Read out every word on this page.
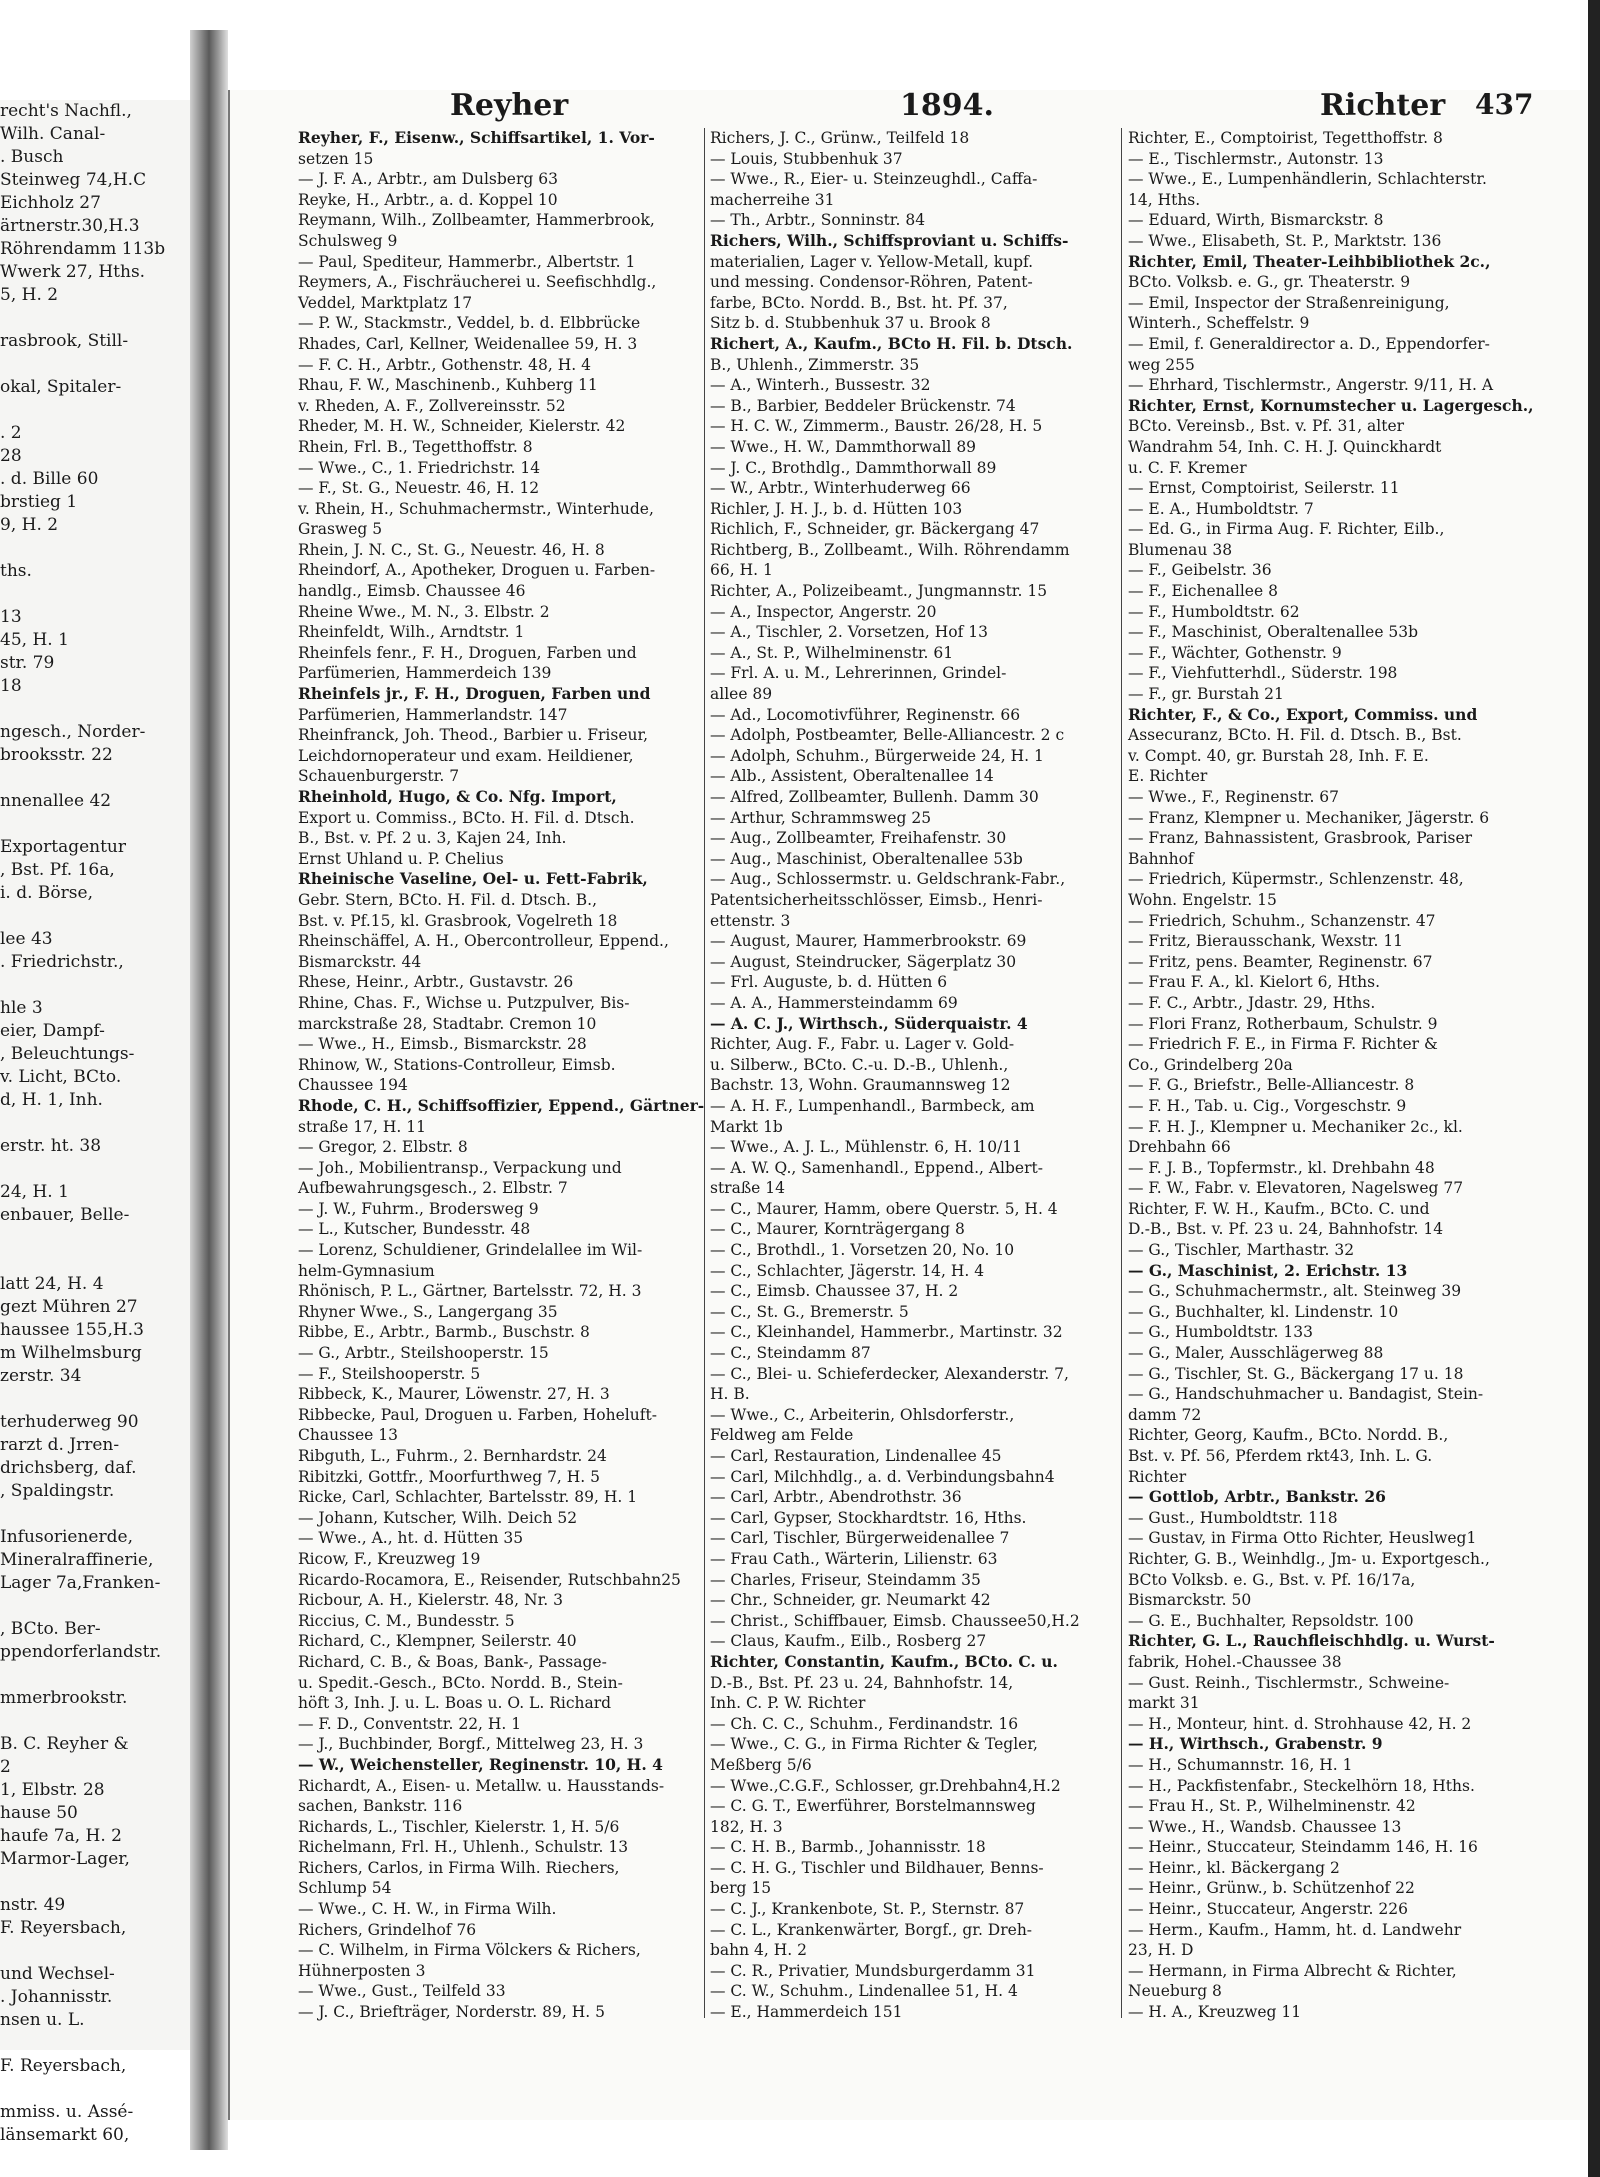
recht's Nachfl.,
Wilh. Canal-
. Busch
Steinweg 74,H.C
Eichholz 27
ärtnerstr.30,H.3
Röhrendamm 113b
Wwerk 27, Hths.
5, H. 2
rasbrook, Still-
okal, Spitaler-
. 2
28
. d. Bille 60
brstieg 1
9, H. 2
ths.
13
45, H. 1
str. 79
18
ngesch., Norder-
brooksstr. 22
nnenallee 42
Exportagentur
, Bst. Pf. 16a,
i. d. Börse,
lee 43
. Friedrichstr.,
hle 3
eier, Dampf-
, Beleuchtungs-
v. Licht, BCto.
d, H. 1, Inh.
erstr. ht. 38
24, H. 1
enbauer, Belle-
latt 24, H. 4
gezt Mühren 27
haussee 155,H.3
m Wilhelmsburg
zerstr. 34
terhuderweg 90
rarzt d. Jrren-
drichsberg, daf.
, Spaldingstr.
Infusorienerde,
Mineralraffinerie,
Lager 7a,Franken-
, BCto. Ber-
ppendorferlandstr.
mmerbrookstr.
B. C. Reyher &
2
1, Elbstr. 28
hause 50
haufe 7a, H. 2
Marmor-Lager,
nstr. 49
F. Reyersbach,
und Wechsel-
. Johannisstr.
nsen u. L.
F. Reyersbach,
mmiss. u. Assé-
länsemarkt 60,
Reyher	1894.	Richter 437
Reyher, F., Eisenw., Schiffsartikel, 1. Vor-
setzen 15
— J. F. A., Arbtr., am Dulsberg 63
Reyke, H., Arbtr., a. d. Koppel 10
Reymann, Wilh., Zollbeamter, Hammerbrook,
Schulsweg 9
— Paul, Spediteur, Hammerbr., Albertstr. 1
Reymers, A., Fischräucherei u. Seefischhdlg.,
Veddel, Marktplatz 17
— P. W., Stackmstr., Veddel, b. d. Elbbrücke
Rhades, Carl, Kellner, Weidenallee 59, H. 3
— F. C. H., Arbtr., Gothenstr. 48, H. 4
Rhau, F. W., Maschinenb., Kuhberg 11
v. Rheden, A. F., Zollvereinsstr. 52
Rheder, M. H. W., Schneider, Kielerstr. 42
Rhein, Frl. B., Tegetthoffstr. 8
— Wwe., C., 1. Friedrichstr. 14
— F., St. G., Neuestr. 46, H. 12
v. Rhein, H., Schuhmachermstr., Winterhude,
Grasweg 5
Rhein, J. N. C., St. G., Neuestr. 46, H. 8
Rheindorf, A., Apotheker, Droguen u. Farben-
handlg., Eimsb. Chaussee 46
Rheine Wwe., M. N., 3. Elbstr. 2
Rheinfeldt, Wilh., Arndtstr. 1
Rheinfels fenr., F. H., Droguen, Farben und
Parfümerien, Hammerdeich 139
Rheinfels jr., F. H., Droguen, Farben und
Parfümerien, Hammerlandstr. 147
Rheinfranck, Joh. Theod., Barbier u. Friseur,
Leichdornoperateur und exam. Heildiener,
Schauenburgerstr. 7
Rheinhold, Hugo, & Co. Nfg. Import,
Export u. Commiss., BCto. H. Fil. d. Dtsch.
B., Bst. v. Pf. 2 u. 3, Kajen 24, Inh.
Ernst Uhland u. P. Chelius
Rheinische Vaseline, Oel- u. Fett-Fabrik,
Gebr. Stern, BCto. H. Fil. d. Dtsch. B.,
Bst. v. Pf.15, kl. Grasbrook, Vogelreth 18
Rheinschäffel, A. H., Obercontrolleur, Eppend.,
Bismarckstr. 44
Rhese, Heinr., Arbtr., Gustavstr. 26
Rhine, Chas. F., Wichse u. Putzpulver, Bis-
marckstraße 28, Stadtabr. Cremon 10
— Wwe., H., Eimsb., Bismarckstr. 28
Rhinow, W., Stations-Controlleur, Eimsb.
Chaussee 194
Rhode, C. H., Schiffsoffizier, Eppend., Gärtner-
straße 17, H. 11
— Gregor, 2. Elbstr. 8
— Joh., Mobilientransp., Verpackung und
Aufbewahrungsgesch., 2. Elbstr. 7
— J. W., Fuhrm., Brodersweg 9
— L., Kutscher, Bundesstr. 48
— Lorenz, Schuldiener, Grindelallee im Wil-
helm-Gymnasium
Rhönisch, P. L., Gärtner, Bartelsstr. 72, H. 3
Rhyner Wwe., S., Langergang 35
Ribbe, E., Arbtr., Barmb., Buschstr. 8
— G., Arbtr., Steilshooperstr. 15
— F., Steilshooperstr. 5
Ribbeck, K., Maurer, Löwenstr. 27, H. 3
Ribbecke, Paul, Droguen u. Farben, Hoheluft-
Chaussee 13
Ribguth, L., Fuhrm., 2. Bernhardstr. 24
Ribitzki, Gottfr., Moorfurthweg 7, H. 5
Ricke, Carl, Schlachter, Bartelsstr. 89, H. 1
— Johann, Kutscher, Wilh. Deich 52
— Wwe., A., ht. d. Hütten 35
Ricow, F., Kreuzweg 19
Ricardo-Rocamora, E., Reisender, Rutschbahn25
Ricbour, A. H., Kielerstr. 48, Nr. 3
Riccius, C. M., Bundesstr. 5
Richard, C., Klempner, Seilerstr. 40
Richard, C. B., & Boas, Bank-, Passage-
u. Spedit.-Gesch., BCto. Nordd. B., Stein-
höft 3, Inh. J. u. L. Boas u. O. L. Richard
— F. D., Conventstr. 22, H. 1
— J., Buchbinder, Borgf., Mittelweg 23, H. 3
— W., Weichensteller, Reginenstr. 10, H. 4
Richardt, A., Eisen- u. Metallw. u. Hausstands-
sachen, Bankstr. 116
Richards, L., Tischler, Kielerstr. 1, H. 5/6
Richelmann, Frl. H., Uhlenh., Schulstr. 13
Richers, Carlos, in Firma Wilh. Riechers,
Schlump 54
— Wwe., C. H. W., in Firma Wilh.
Richers, Grindelhof 76
— C. Wilhelm, in Firma Völckers & Richers,
Hühnerposten 3
— Wwe., Gust., Teilfeld 33
— J. C., Briefträger, Norderstr. 89, H. 5
Richers, J. C., Grünw., Teilfeld 18
— Louis, Stubbenhuk 37
— Wwe., R., Eier- u. Steinzeughdl., Caffa-
macherreihe 31
— Th., Arbtr., Sonninstr. 84
Richers, Wilh., Schiffsproviant u. Schiffs-
materialien, Lager v. Yellow-Metall, kupf.
und messing. Condensor-Röhren, Patent-
farbe, BCto. Nordd. B., Bst. ht. Pf. 37,
Sitz b. d. Stubbenhuk 37 u. Brook 8
Richert, A., Kaufm., BCto H. Fil. b. Dtsch.
B., Uhlenh., Zimmerstr. 35
— A., Winterh., Bussestr. 32
— B., Barbier, Beddeler Brückenstr. 74
— H. C. W., Zimmerm., Baustr. 26/28, H. 5
— Wwe., H. W., Dammthorwall 89
— J. C., Brothdlg., Dammthorwall 89
— W., Arbtr., Winterhuderweg 66
Richler, J. H. J., b. d. Hütten 103
Richlich, F., Schneider, gr. Bäckergang 47
Richtberg, B., Zollbeamt., Wilh. Röhrendamm
66, H. 1
Richter, A., Polizeibeamt., Jungmannstr. 15
— A., Inspector, Angerstr. 20
— A., Tischler, 2. Vorsetzen, Hof 13
— A., St. P., Wilhelminenstr. 61
— Frl. A. u. M., Lehrerinnen, Grindel-
allee 89
— Ad., Locomotivführer, Reginenstr. 66
— Adolph, Postbeamter, Belle-Alliancestr. 2 c
— Adolph, Schuhm., Bürgerweide 24, H. 1
— Alb., Assistent, Oberaltenallee 14
— Alfred, Zollbeamter, Bullenh. Damm 30
— Arthur, Schrammsweg 25
— Aug., Zollbeamter, Freihafenstr. 30
— Aug., Maschinist, Oberaltenallee 53b
— Aug., Schlossermstr. u. Geldschrank-Fabr.,
Patentsicherheitsschlösser, Eimsb., Henri-
ettenstr. 3
— August, Maurer, Hammerbrookstr. 69
— August, Steindrucker, Sägerplatz 30
— Frl. Auguste, b. d. Hütten 6
— A. A., Hammersteindamm 69
— A. C. J., Wirthsch., Süderquaistr. 4
Richter, Aug. F., Fabr. u. Lager v. Gold-
u. Silberw., BCto. C.-u. D.-B., Uhlenh.,
Bachstr. 13, Wohn. Graumannsweg 12
— A. H. F., Lumpenhandl., Barmbeck, am
Markt 1b
— Wwe., A. J. L., Mühlenstr. 6, H. 10/11
— A. W. Q., Samenhandl., Eppend., Albert-
straße 14
— C., Maurer, Hamm, obere Querstr. 5, H. 4
— C., Maurer, Kornträgergang 8
— C., Brothdl., 1. Vorsetzen 20, No. 10
— C., Schlachter, Jägerstr. 14, H. 4
— C., Eimsb. Chaussee 37, H. 2
— C., St. G., Bremerstr. 5
— C., Kleinhandel, Hammerbr., Martinstr. 32
— C., Steindamm 87
— C., Blei- u. Schieferdecker, Alexanderstr. 7,
H. B.
— Wwe., C., Arbeiterin, Ohlsdorferstr.,
Feldweg am Felde
— Carl, Restauration, Lindenallee 45
— Carl, Milchhdlg., a. d. Verbindungsbahn4
— Carl, Arbtr., Abendrothstr. 36
— Carl, Gypser, Stockhardtstr. 16, Hths.
— Carl, Tischler, Bürgerweidenallee 7
— Frau Cath., Wärterin, Lilienstr. 63
— Charles, Friseur, Steindamm 35
— Chr., Schneider, gr. Neumarkt 42
— Christ., Schiffbauer, Eimsb. Chaussee50,H.2
— Claus, Kaufm., Eilb., Rosberg 27
Richter, Constantin, Kaufm., BCto. C. u.
D.-B., Bst. Pf. 23 u. 24, Bahnhofstr. 14,
Inh. C. P. W. Richter
— Ch. C. C., Schuhm., Ferdinandstr. 16
— Wwe., C. G., in Firma Richter & Tegler,
Meßberg 5/6
— Wwe.,C.G.F., Schlosser, gr.Drehbahn4,H.2
— C. G. T., Ewerführer, Borstelmannsweg
182, H. 3
— C. H. B., Barmb., Johannisstr. 18
— C. H. G., Tischler und Bildhauer, Benns-
berg 15
— C. J., Krankenbote, St. P., Sternstr. 87
— C. L., Krankenwärter, Borgf., gr. Dreh-
bahn 4, H. 2
— C. R., Privatier, Mundsburgerdamm 31
— C. W., Schuhm., Lindenallee 51, H. 4
— E., Hammerdeich 151
Richter, E., Comptoirist, Tegetthoffstr. 8
— E., Tischlermstr., Autonstr. 13
— Wwe., E., Lumpenhändlerin, Schlachterstr.
14, Hths.
— Eduard, Wirth, Bismarckstr. 8
— Wwe., Elisabeth, St. P., Marktstr. 136
Richter, Emil, Theater-Leihbibliothek 2c.,
BCto. Volksb. e. G., gr. Theaterstr. 9
— Emil, Inspector der Straßenreinigung,
Winterh., Scheffelstr. 9
— Emil, f. Generaldirector a. D., Eppendorfer-
weg 255
— Ehrhard, Tischlermstr., Angerstr. 9/11, H. A
Richter, Ernst, Kornumstecher u. Lagergesch.,
BCto. Vereinsb., Bst. v. Pf. 31, alter
Wandrahm 54, Inh. C. H. J. Quinckhardt
u. C. F. Kremer
— Ernst, Comptoirist, Seilerstr. 11
— E. A., Humboldtstr. 7
— Ed. G., in Firma Aug. F. Richter, Eilb.,
Blumenau 38
— F., Geibelstr. 36
— F., Eichenallee 8
— F., Humboldtstr. 62
— F., Maschinist, Oberaltenallee 53b
— F., Wächter, Gothenstr. 9
— F., Viehfutterhdl., Süderstr. 198
— F., gr. Burstah 21
Richter, F., & Co., Export, Commiss. und
Assecuranz, BCto. H. Fil. d. Dtsch. B., Bst.
v. Compt. 40, gr. Burstah 28, Inh. F. E.
E. Richter
— Wwe., F., Reginenstr. 67
— Franz, Klempner u. Mechaniker, Jägerstr. 6
— Franz, Bahnassistent, Grasbrook, Pariser
Bahnhof
— Friedrich, Küpermstr., Schlenzenstr. 48,
Wohn. Engelstr. 15
— Friedrich, Schuhm., Schanzenstr. 47
— Fritz, Bierausschank, Wexstr. 11
— Fritz, pens. Beamter, Reginenstr. 67
— Frau F. A., kl. Kielort 6, Hths.
— F. C., Arbtr., Jdastr. 29, Hths.
— Flori Franz, Rotherbaum, Schulstr. 9
— Friedrich F. E., in Firma F. Richter &
Co., Grindelberg 20a
— F. G., Briefstr., Belle-Alliancestr. 8
— F. H., Tab. u. Cig., Vorgeschstr. 9
— F. H. J., Klempner u. Mechaniker 2c., kl.
Drehbahn 66
— F. J. B., Topfermstr., kl. Drehbahn 48
— F. W., Fabr. v. Elevatoren, Nagelsweg 77
Richter, F. W. H., Kaufm., BCto. C. und
D.-B., Bst. v. Pf. 23 u. 24, Bahnhofstr. 14
— G., Tischler, Marthastr. 32
— G., Maschinist, 2. Erichstr. 13
— G., Schuhmachermstr., alt. Steinweg 39
— G., Buchhalter, kl. Lindenstr. 10
— G., Humboldtstr. 133
— G., Maler, Ausschlägerweg 88
— G., Tischler, St. G., Bäckergang 17 u. 18
— G., Handschuhmacher u. Bandagist, Stein-
damm 72
Richter, Georg, Kaufm., BCto. Nordd. B.,
Bst. v. Pf. 56, Pferdem rkt43, Inh. L. G.
Richter
— Gottlob, Arbtr., Bankstr. 26
— Gust., Humboldtstr. 118
— Gustav, in Firma Otto Richter, Heuslweg1
Richter, G. B., Weinhdlg., Jm- u. Exportgesch.,
BCto Volksb. e. G., Bst. v. Pf. 16/17a,
Bismarckstr. 50
— G. E., Buchhalter, Repsoldstr. 100
Richter, G. L., Rauchfleischhdlg. u. Wurst-
fabrik, Hohel.-Chaussee 38
— Gust. Reinh., Tischlermstr., Schweine-
markt 31
— H., Monteur, hint. d. Strohhause 42, H. 2
— H., Wirthsch., Grabenstr. 9
— H., Schumannstr. 16, H. 1
— H., Packfistenfabr., Steckelhörn 18, Hths.
— Frau H., St. P., Wilhelminenstr. 42
— Wwe., H., Wandsb. Chaussee 13
— Heinr., Stuccateur, Steindamm 146, H. 16
— Heinr., kl. Bäckergang 2
— Heinr., Grünw., b. Schützenhof 22
— Heinr., Stuccateur, Angerstr. 226
— Herm., Kaufm., Hamm, ht. d. Landwehr
23, H. D
— Hermann, in Firma Albrecht & Richter,
Neueburg 8
— H. A., Kreuzweg 11
